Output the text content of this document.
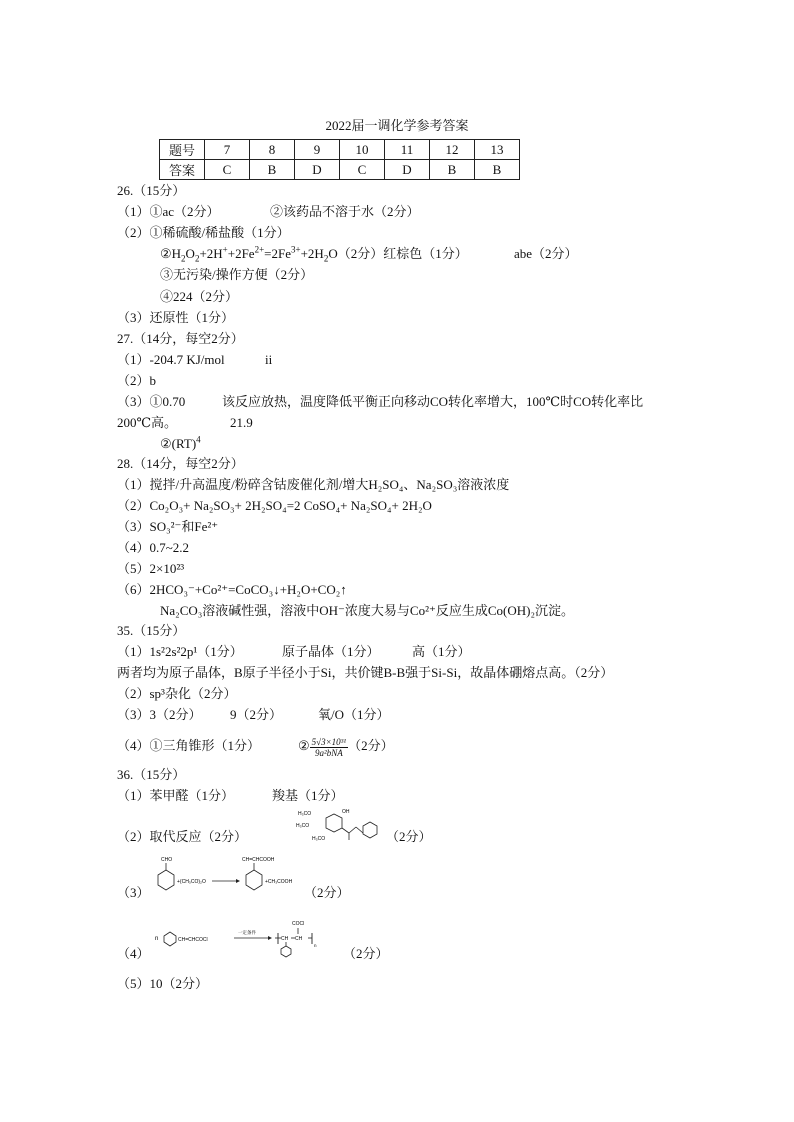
2022届一调化学参考答案
题号	7	8	9	10	11	12	13
答案	C	B	D	C	D	B	B
26.（15分）
（1）①ac（2分）	②该药品不溶于水（2分）
（2）①稀硫酸/稀盐酸（1分）
$②H_2O_2+2H^++2Fe^{2+}=2Fe^{3+}+2H_2O(2$分）红棕色（1分）	abe（2分）
③无污染/操作方便（2分）
④224（2分）
（3）还原性（1分）
27.（14分，每空2分）
（1）-204.7 KJ/mol	ii
（2）b
（3）①0.70	该反应放热，温度降低平衡正向移动CO转化率增大，100℃时CO转化率比
200℃高。	21.9
②(RT)$^4$
28.（14分，每空2分）
（1）搅拌/升高温度/粉碎含钴废催化剂/增大H₂SO₄、Na₂SO₃溶液浓度
（2）Co₂O₃+ Na₂SO₃+ 2H₂SO₄=2 CoSO₄+ Na₂SO₄+ 2H₂O
（3）SO₃²⁻和Fe²⁺
（4）0.7~2.2
（5）2×10²³
（6）2HCO₃⁻+Co²⁺=CoCO₃↓+H₂O+CO₂↑
Na₂CO₃溶液碱性强，溶液中OH⁻浓度大易与Co²⁺反应生成Co(OH)₂沉淀。
35.（15分）
（1）1s²2s²2p¹（1分）	原子晶体（1分） 高（1分）
两者均为原子晶体，B原子半径小于Si，共价键B-B强于Si-Si，故晶体硼熔点高。（2分）
（2）sp³杂化（2分）
（3）3（2分） 9（2分）	氧/O（1分）
（4）①三角锥形（1分）	② $\frac{\text{5√3×10³¹}}{\text{9a²bNA}} (2$分）
36.（15分）
（1）苯甲醛（1分）	羧基（1分）
（2）取代反应（2分）
H₃CO	OH
H₃CO
H₃CO	（2分）
（3）
CHO
+(CH₃CO)₂O
CH=CHCOOH
+CH₃COOH
（2分）
（4）
n	CH=CHCOCl
一定条件
CH CH
COCl
n
（2分）
（5）10（2分）
